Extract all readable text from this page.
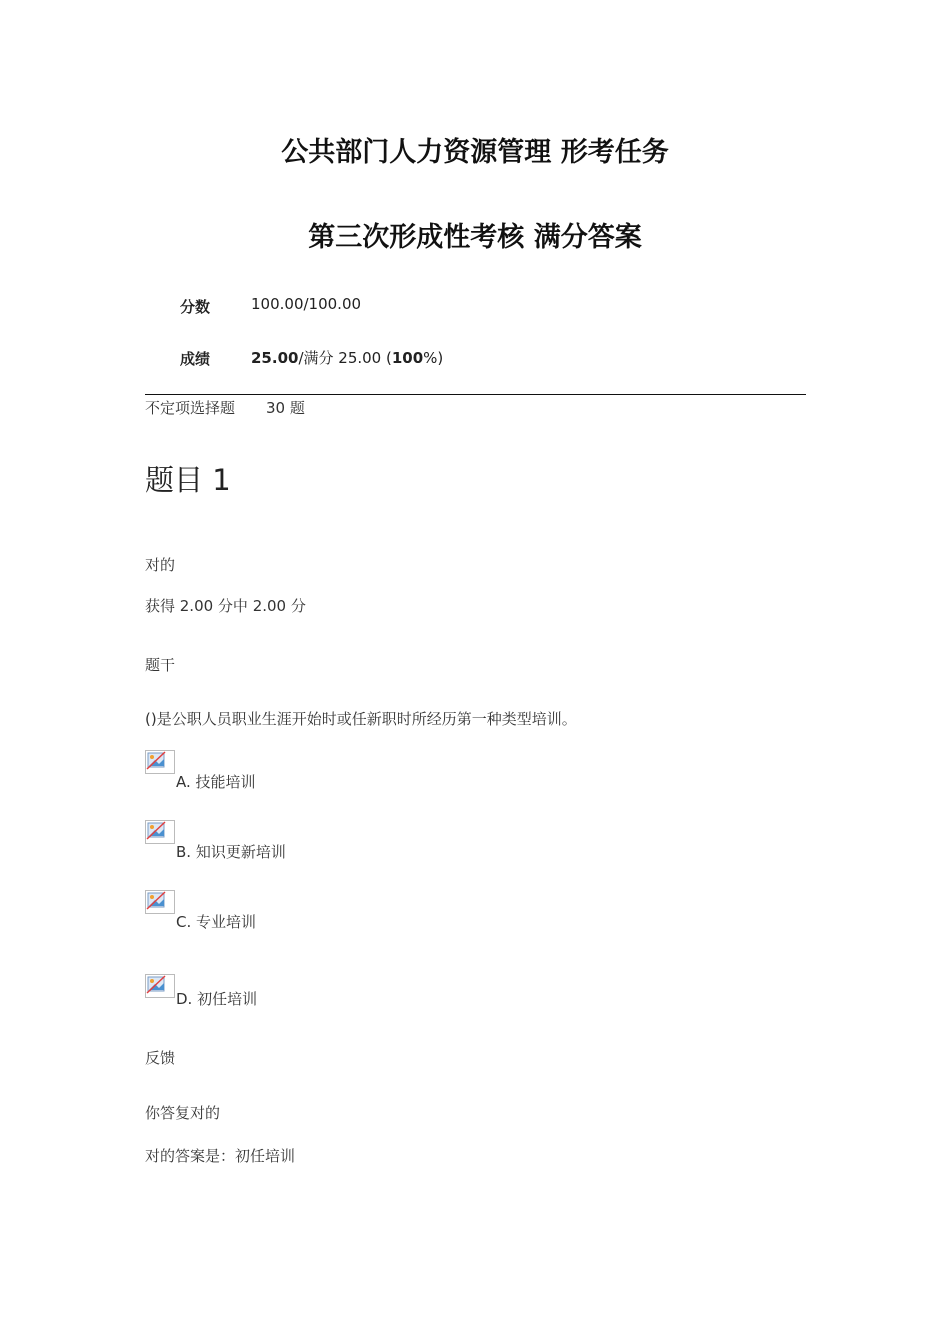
公共部门人力资源管理 形考任务
第三次形成性考核 满分答案
分数	100.00/100.00
成绩	25.00/满分 25.00 (100%)
不定项选择题 30 题
题目 1
对的
获得 2.00 分中 2.00 分
题干
()是公职人员职业生涯开始时或任新职时所经历第一种类型培训。
A. 技能培训
B. 知识更新培训
C. 专业培训
D. 初任培训
反馈
你答复对的
对的答案是：初任培训
